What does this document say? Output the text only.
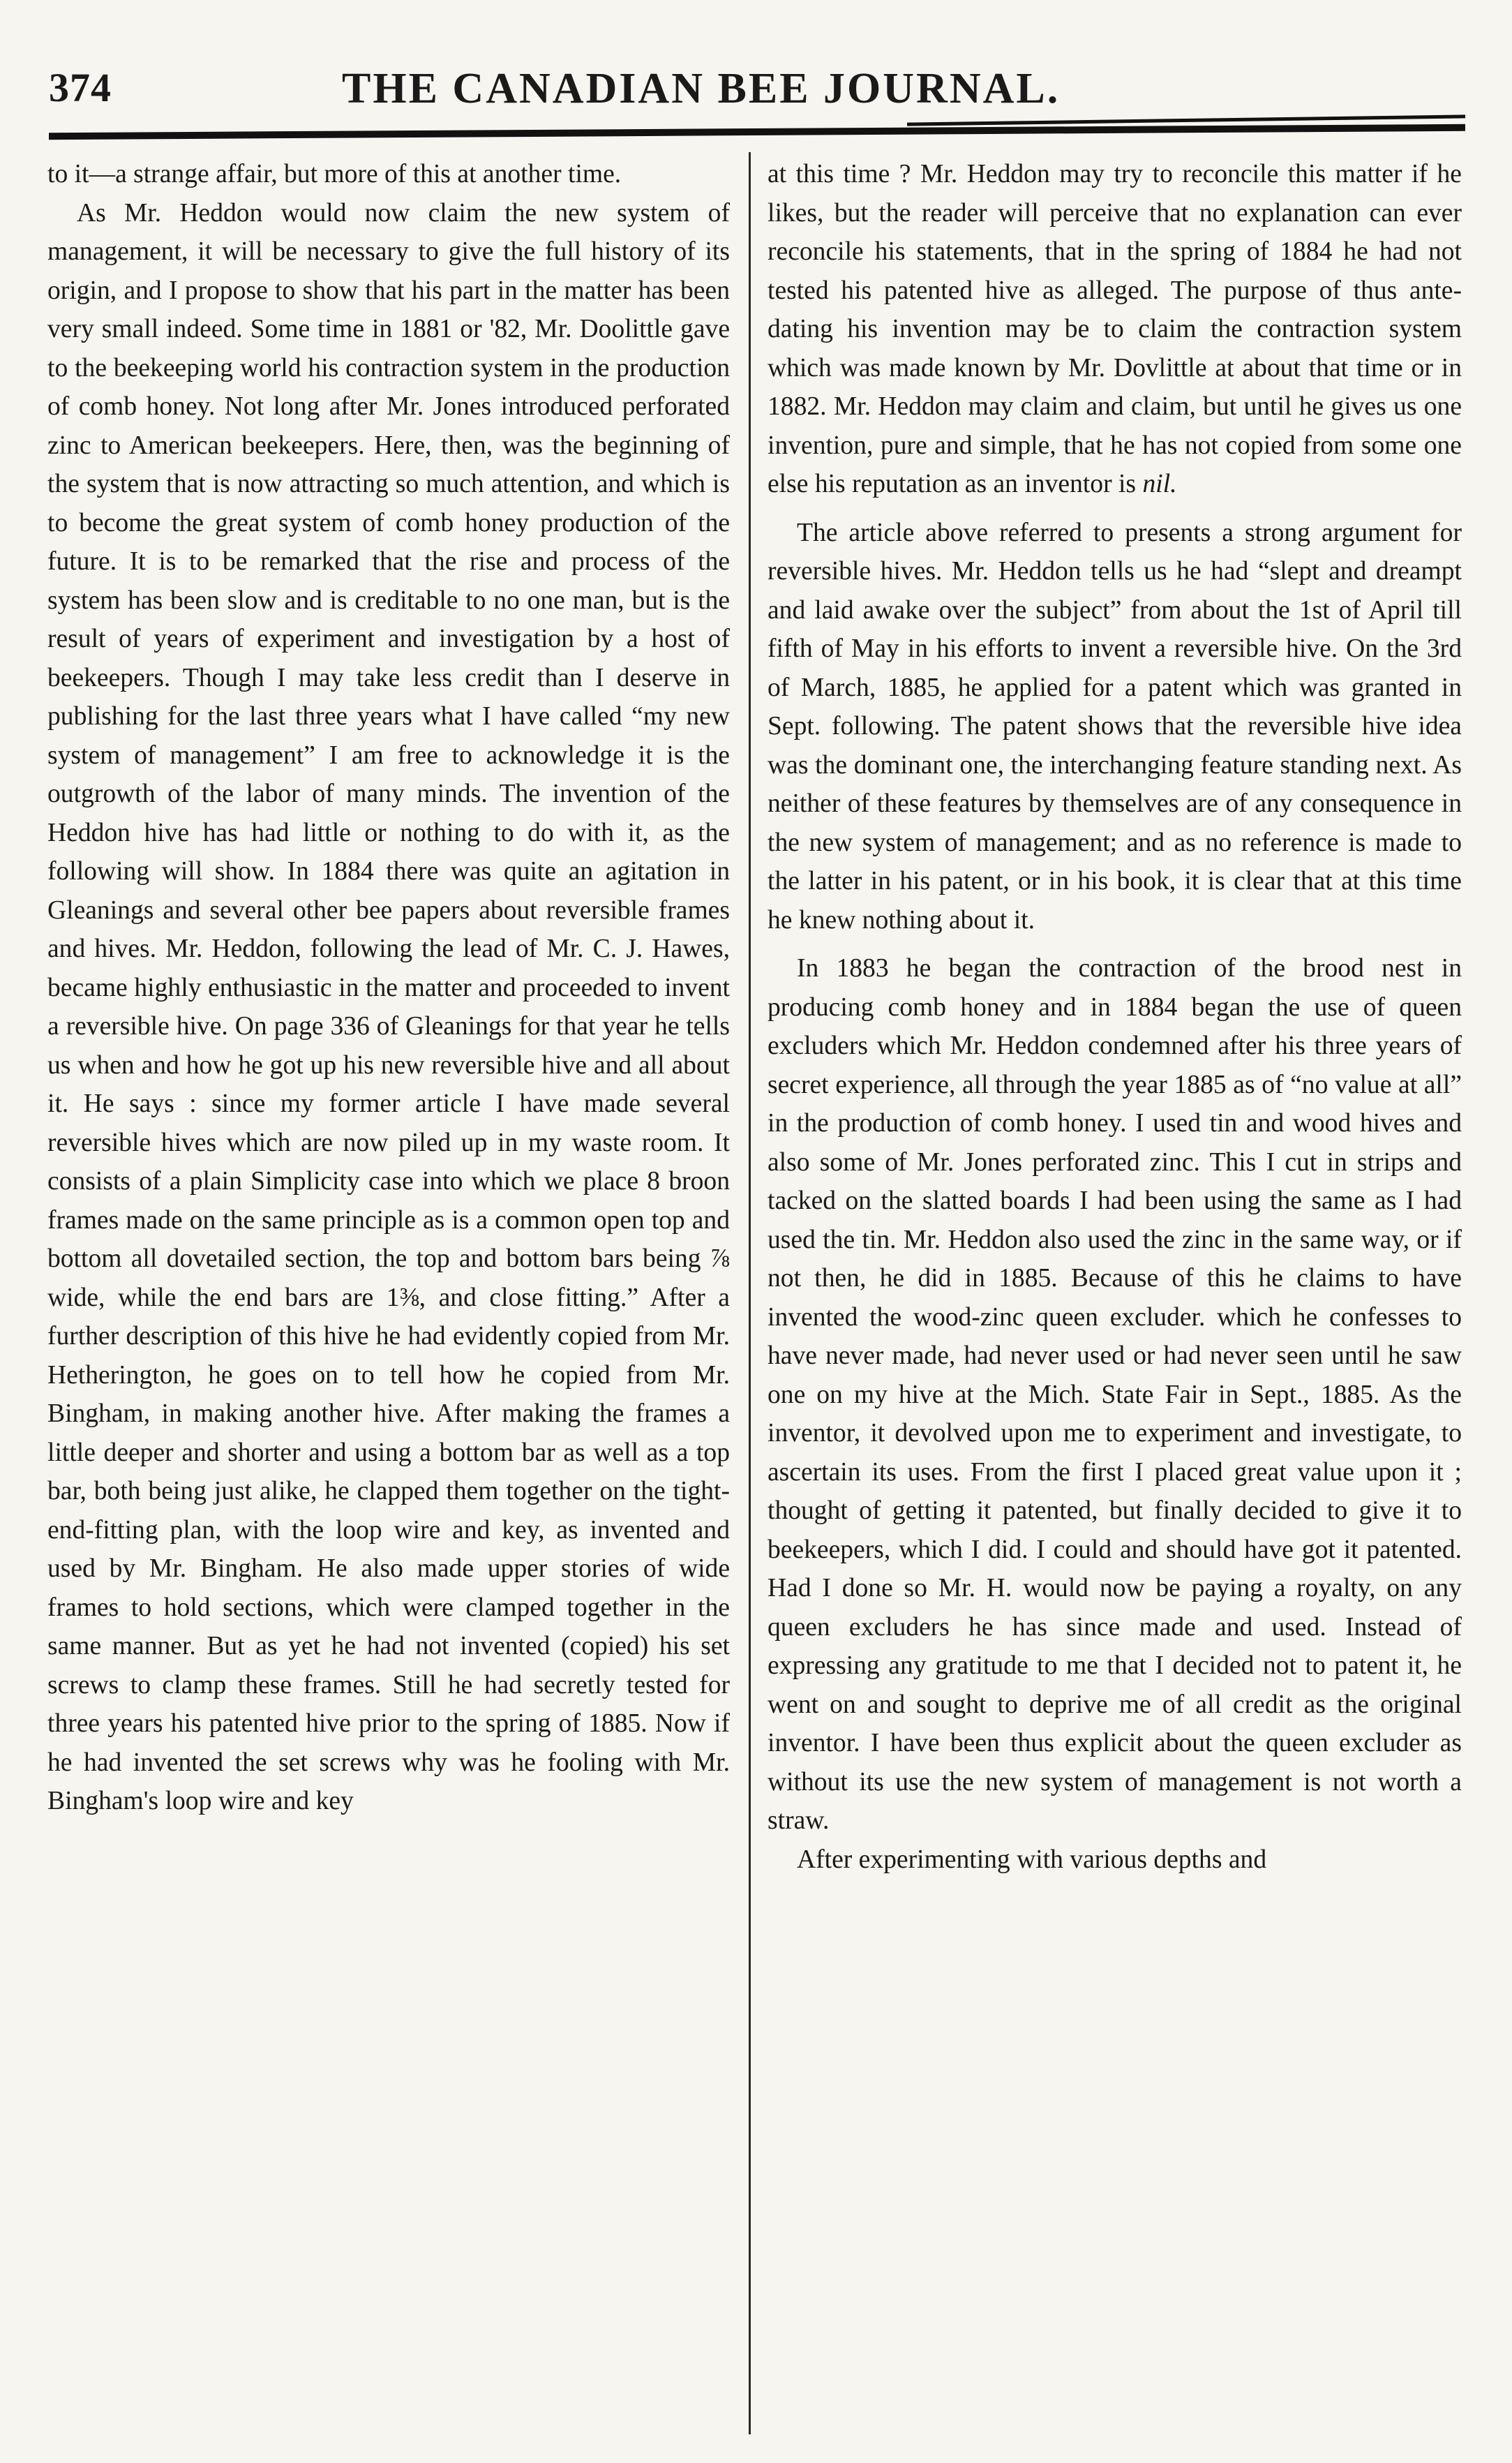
374	THE CANADIAN BEE JOURNAL.

to it—a strange affair, but more of this at another time.

As Mr. Heddon would now claim the new system of management, it will be necessary to give the full history of its origin, and I propose to show that his part in the matter has been very small indeed. Some time in 1881 or '82, Mr. Doolittle gave to the beekeeping world his contraction system in the production of comb honey. Not long after Mr. Jones introduced perforated zinc to American beekeepers. Here, then, was the beginning of the system that is now attracting so much attention, and which is to become the great system of comb honey production of the future. It is to be remarked that the rise and process of the system has been slow and is creditable to no one man, but is the result of years of experiment and investigation by a host of beekeepers. Though I may take less credit than I deserve in publishing for the last three years what I have called “my new system of management” I am free to acknowledge it is the outgrowth of the labor of many minds. The invention of the Heddon hive has had little or nothing to do with it, as the following will show. In 1884 there was quite an agitation in Gleanings and several other bee papers about reversible frames and hives. Mr. Heddon, following the lead of Mr. C. J. Hawes, became highly enthusiastic in the matter and proceeded to invent a reversible hive. On page 336 of Gleanings for that year he tells us when and how he got up his new reversible hive and all about it. He says : since my former article I have made several reversible hives which are now piled up in my waste room. It consists of a plain Simplicity case into which we place 8 broon frames made on the same principle as is a common open top and bottom all dovetailed section, the top and bottom bars being ⅞ wide, while the end bars are 1⅜, and close fitting.” After a further description of this hive he had evidently copied from Mr. Hetherington, he goes on to tell how he copied from Mr. Bingham, in making another hive. After making the frames a little deeper and shorter and using a bottom bar as well as a top bar, both being just alike, he clapped them together on the tight-end-fitting plan, with the loop wire and key, as invented and used by Mr. Bingham. He also made upper stories of wide frames to hold sections, which were clamped together in the same manner. But as yet he had not invented (copied) his set screws to clamp these frames. Still he had secretly tested for three years his patented hive prior to the spring of 1885. Now if he had invented the set screws why was he fooling with Mr. Bingham's loop wire and key

at this time ? Mr. Heddon may try to reconcile this matter if he likes, but the reader will perceive that no explanation can ever reconcile his statements, that in the spring of 1884 he had not tested his patented hive as alleged. The purpose of thus ante-dating his invention may be to claim the contraction system which was made known by Mr. Dovlittle at about that time or in 1882. Mr. Heddon may claim and claim, but until he gives us one invention, pure and simple, that he has not copied from some one else his reputation as an inventor is nil.

The article above referred to presents a strong argument for reversible hives. Mr. Heddon tells us he had “slept and dreampt and laid awake over the subject” from about the 1st of April till fifth of May in his efforts to invent a reversible hive. On the 3rd of March, 1885, he applied for a patent which was granted in Sept. following. The patent shows that the reversible hive idea was the dominant one, the interchanging feature standing next. As neither of these features by themselves are of any consequence in the new system of management; and as no reference is made to the latter in his patent, or in his book, it is clear that at this time he knew nothing about it.

In 1883 he began the contraction of the brood nest in producing comb honey and in 1884 began the use of queen excluders which Mr. Heddon condemned after his three years of secret experience, all through the year 1885 as of “no value at all” in the production of comb honey. I used tin and wood hives and also some of Mr. Jones perforated zinc. This I cut in strips and tacked on the slatted boards I had been using the same as I had used the tin. Mr. Heddon also used the zinc in the same way, or if not then, he did in 1885. Because of this he claims to have invented the wood-zinc queen excluder. which he confesses to have never made, had never used or had never seen until he saw one on my hive at the Mich. State Fair in Sept., 1885. As the inventor, it devolved upon me to experiment and investigate, to ascertain its uses. From the first I placed great value upon it ; thought of getting it patented, but finally decided to give it to beekeepers, which I did. I could and should have got it patented. Had I done so Mr. H. would now be paying a royalty, on any queen excluders he has since made and used. Instead of expressing any gratitude to me that I decided not to patent it, he went on and sought to deprive me of all credit as the original inventor. I have been thus explicit about the queen excluder as without its use the new system of management is not worth a straw.

After experimenting with various depths and
